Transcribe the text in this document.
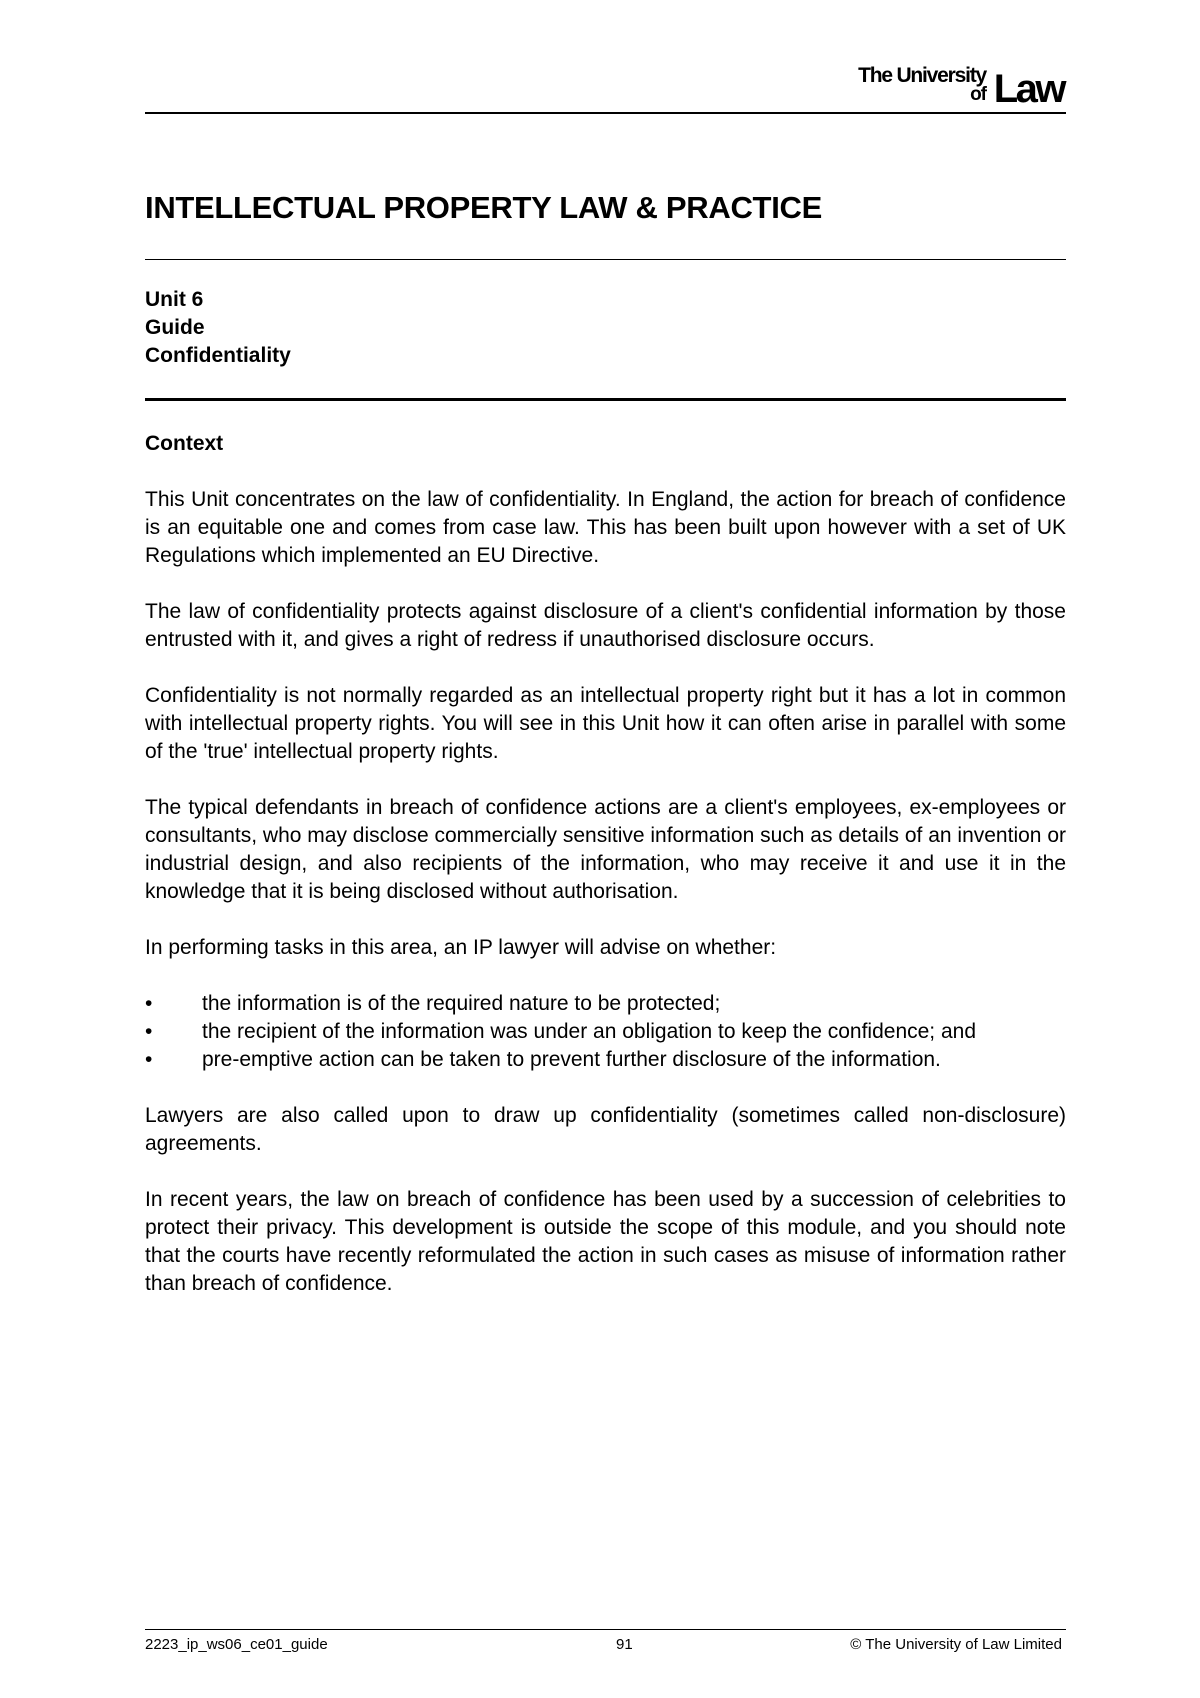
The University
of Law
INTELLECTUAL PROPERTY LAW & PRACTICE
Unit 6
Guide
Confidentiality
Context

This Unit concentrates on the law of confidentiality. In England, the action for breach of confidence is an equitable one and comes from case law. This has been built upon however with a set of UK Regulations which implemented an EU Directive.

The law of confidentiality protects against disclosure of a client's confidential information by those entrusted with it, and gives a right of redress if unauthorised disclosure occurs.

Confidentiality is not normally regarded as an intellectual property right but it has a lot in common with intellectual property rights. You will see in this Unit how it can often arise in parallel with some of the 'true' intellectual property rights.

The typical defendants in breach of confidence actions are a client's employees, ex-employees or consultants, who may disclose commercially sensitive information such as details of an invention or industrial design, and also recipients of the information, who may receive it and use it in the knowledge that it is being disclosed without authorisation.

In performing tasks in this area, an IP lawyer will advise on whether:

• the information is of the required nature to be protected;
• the recipient of the information was under an obligation to keep the confidence; and
• pre-emptive action can be taken to prevent further disclosure of the information.

Lawyers are also called upon to draw up confidentiality (sometimes called non-disclosure) agreements.

In recent years, the law on breach of confidence has been used by a succession of celebrities to protect their privacy. This development is outside the scope of this module, and you should note that the courts have recently reformulated the action in such cases as misuse of information rather than breach of confidence.

2223_ip_ws06_ce01_guide	91	© The University of Law Limited
